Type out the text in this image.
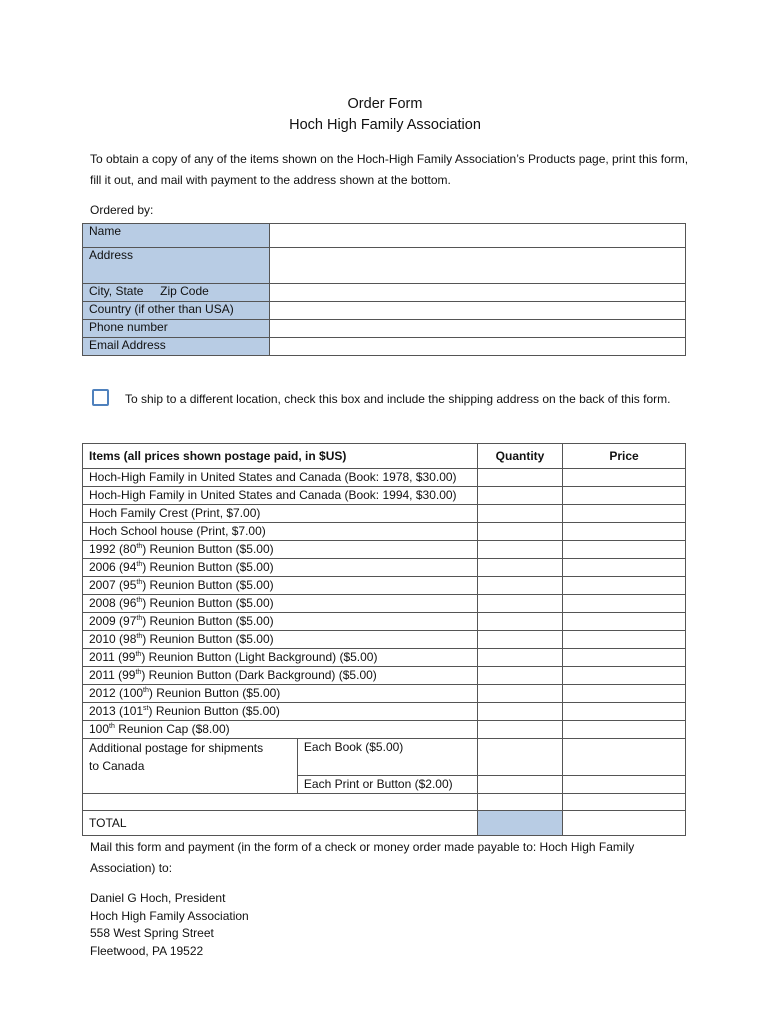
Order Form
Hoch High Family Association
To obtain a copy of any of the items shown on the Hoch-High Family Association’s Products page, print this form, fill it out, and mail with payment to the address shown at the bottom.
Ordered by:
Name	
Address	
City, State Zip Code	
Country (if other than USA)	
Phone number	
Email Address	
To ship to a different location, check this box and include the shipping address on the back of this form.
Items (all prices shown postage paid, in $US)		Quantity	Price
Hoch-High Family in United States and Canada (Book: 1978, $30.00)			
Hoch-High Family in United States and Canada (Book: 1994, $30.00)			
Hoch Family Crest (Print, $7.00)			
Hoch School house (Print, $7.00)			
1992 (80th) Reunion Button ($5.00)			
2006 (94th) Reunion Button ($5.00)			
2007 (95th) Reunion Button ($5.00)			
2008 (96th) Reunion Button ($5.00)			
2009 (97th) Reunion Button ($5.00)			
2010 (98th) Reunion Button ($5.00)			
2011 (99th) Reunion Button (Light Background) ($5.00)			
2011 (99th) Reunion Button (Dark Background) ($5.00)			
2012 (100th) Reunion Button ($5.00)			
2013 (101st) Reunion Button ($5.00)			
100th Reunion Cap ($8.00)			

Additional postage for shipments to Canada	Each Book ($5.00)		
	Each Print or Button ($2.00)		

TOTAL			
Mail this form and payment (in the form of a check or money order made payable to: Hoch High Family Association) to:
Daniel G Hoch, President
Hoch High Family Association
558 West Spring Street
Fleetwood, PA 19522
